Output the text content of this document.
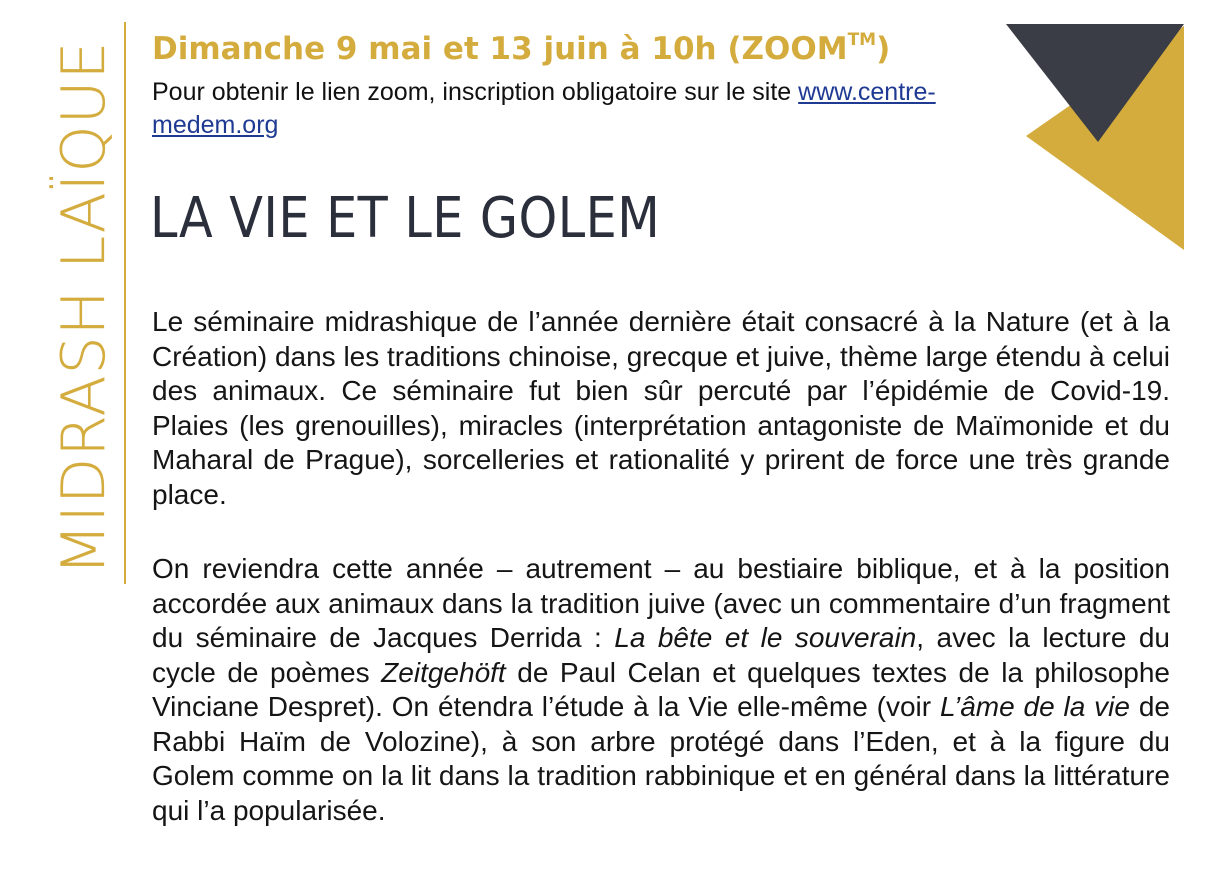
MIDRASH LAÏQUE Dimanche 9 mai et 13 juin à 10h (ZOOM™)
Pour obtenir le lien zoom, inscription obligatoire sur le site www.centre-medem.org
LA VIE ET LE GOLEM
Le séminaire midrashique de l’année dernière était consacré à la Nature (et à la Création) dans les traditions chinoise, grecque et juive, thème large étendu à celui des animaux. Ce séminaire fut bien sûr percuté par l’épidémie de Covid-19. Plaies (les grenouilles), miracles (interprétation antagoniste de Maïmonide et du Maharal de Prague), sorcelleries et rationalité y prirent de force une très grande place.
On reviendra cette année – autrement – au bestiaire biblique, et à la position accordée aux animaux dans la tradition juive (avec un commentaire d’un fragment du séminaire de Jacques Derrida : La bête et le souverain, avec la lecture du cycle de poèmes Zeitgehöft de Paul Celan et quelques textes de la philosophe Vinciane Despret). On étendra l’étude à la Vie elle-même (voir L’âme de la vie de Rabbi Haïm de Volozine), à son arbre protégé dans l’Eden, et à la figure du Golem comme on la lit dans la tradition rabbinique et en général dans la littérature qui l’a popularisée.
